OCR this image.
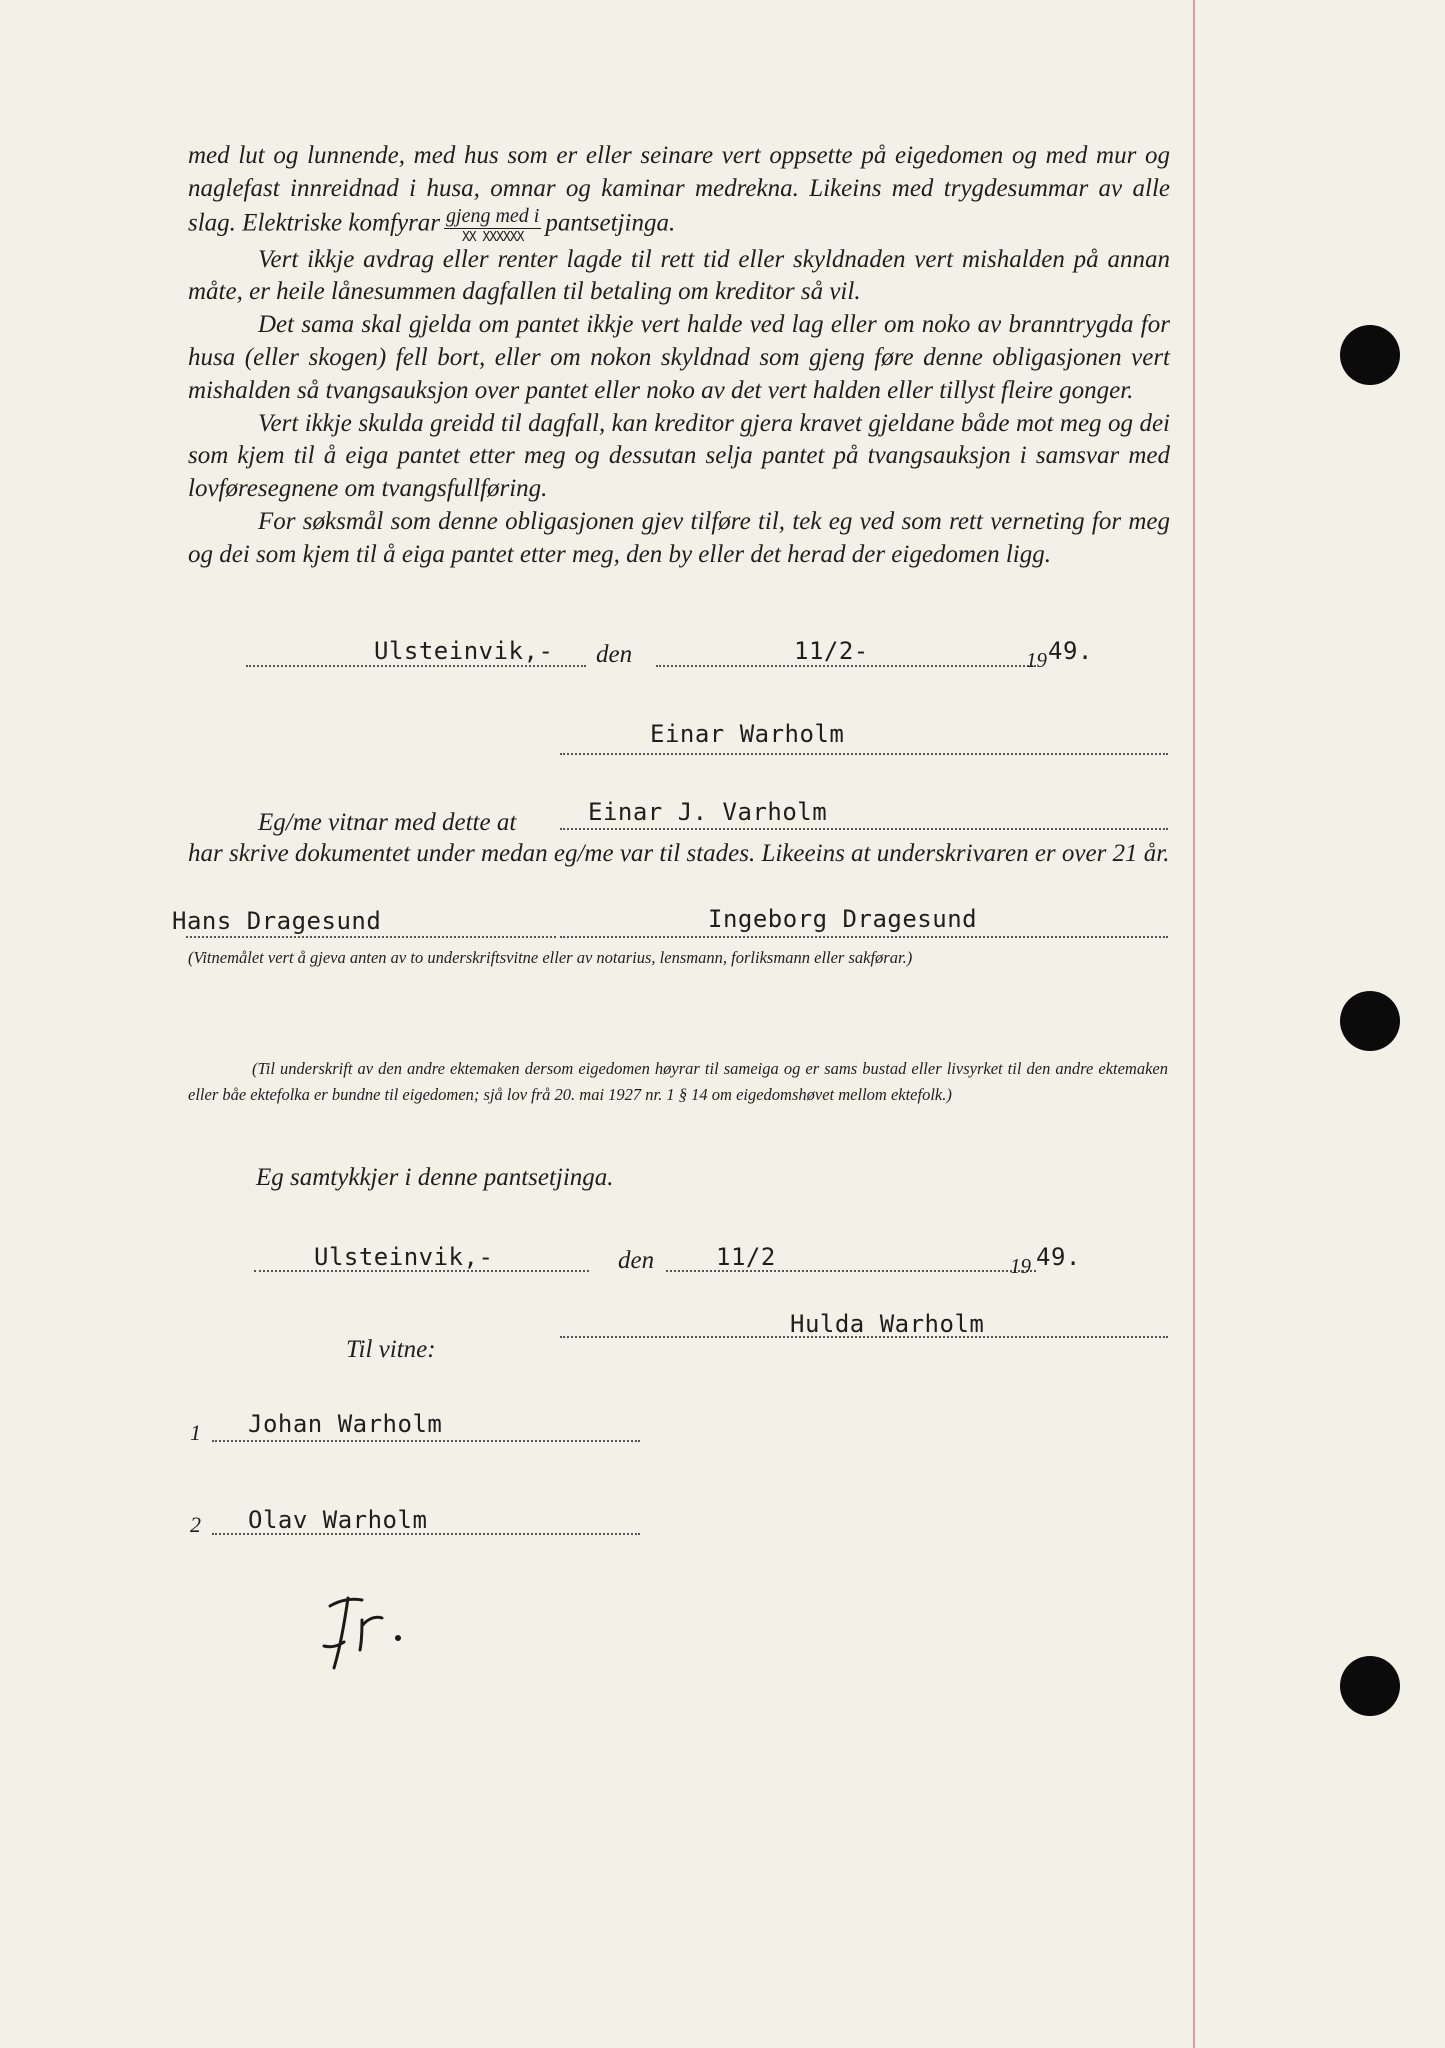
med lut og lunnende, med hus som er eller seinare vert oppsette på eigedomen og med mur og naglefast innreidnad i husa, omnar og kaminar medrekna. Likeins med trygdesummar av alle slag. Elektriske komfyrar $\frac{\text{gjeng med i}}{\text{XX XXXXXX}}$ pantsetjinga.

Vert ikkje avdrag eller renter lagde til rett tid eller skyldnaden vert mishalden på annan måte, er heile lånesummen dagfallen til betaling om kreditor så vil.

Det sama skal gjelda om pantet ikkje vert halde ved lag eller om noko av branntrygda for husa (eller skogen) fell bort, eller om nokon skyldnad som gjeng føre denne obligasjonen vert mishalden så tvangsauksjon over pantet eller noko av det vert halden eller tillyst fleire gonger.

Vert ikkje skulda greidd til dagfall, kan kreditor gjera kravet gjeldane både mot meg og dei som kjem til å eiga pantet etter meg og dessutan selja pantet på tvangsauksjon i samsvar med lovføresegnene om tvangsfullføring.

For søksmål som denne obligasjonen gjev tilføre til, tek eg ved som rett verneting for meg og dei som kjem til å eiga pantet etter meg, den by eller det herad der eigedomen ligg.

Ulsteinvik,- den	11/2-	19 49.
Einar Warholm
Eg/me vitnar med dette at	Einar J. Varholm
har skrive dokumentet under medan eg/me var til stades. Likeeins at underskrivaren er over 21 år.
Hans Dragesund	Ingeborg Dragesund
(Vitnemålet vert å gjeva anten av to underskriftsvitne eller av notarius, lensmann, forliksmann eller sakførar.)
(Til underskrift av den andre ektemaken dersom eigedomen høyrar til sameiga og er sams bustad eller livsyrket til den andre ektemaken eller båe ektefolka er bundne til eigedomen; sjå lov frå 20. mai 1927 nr. 1 § 14 om eigedomshøvet mellom ektefolk.)
Eg samtykkjer i denne pantsetjinga.
Ulsteinvik,-	den	11/2	19 49.
Hulda Warholm
Til vitne:
1 Johan Warholm
2 Olav Warholm
Jr.
